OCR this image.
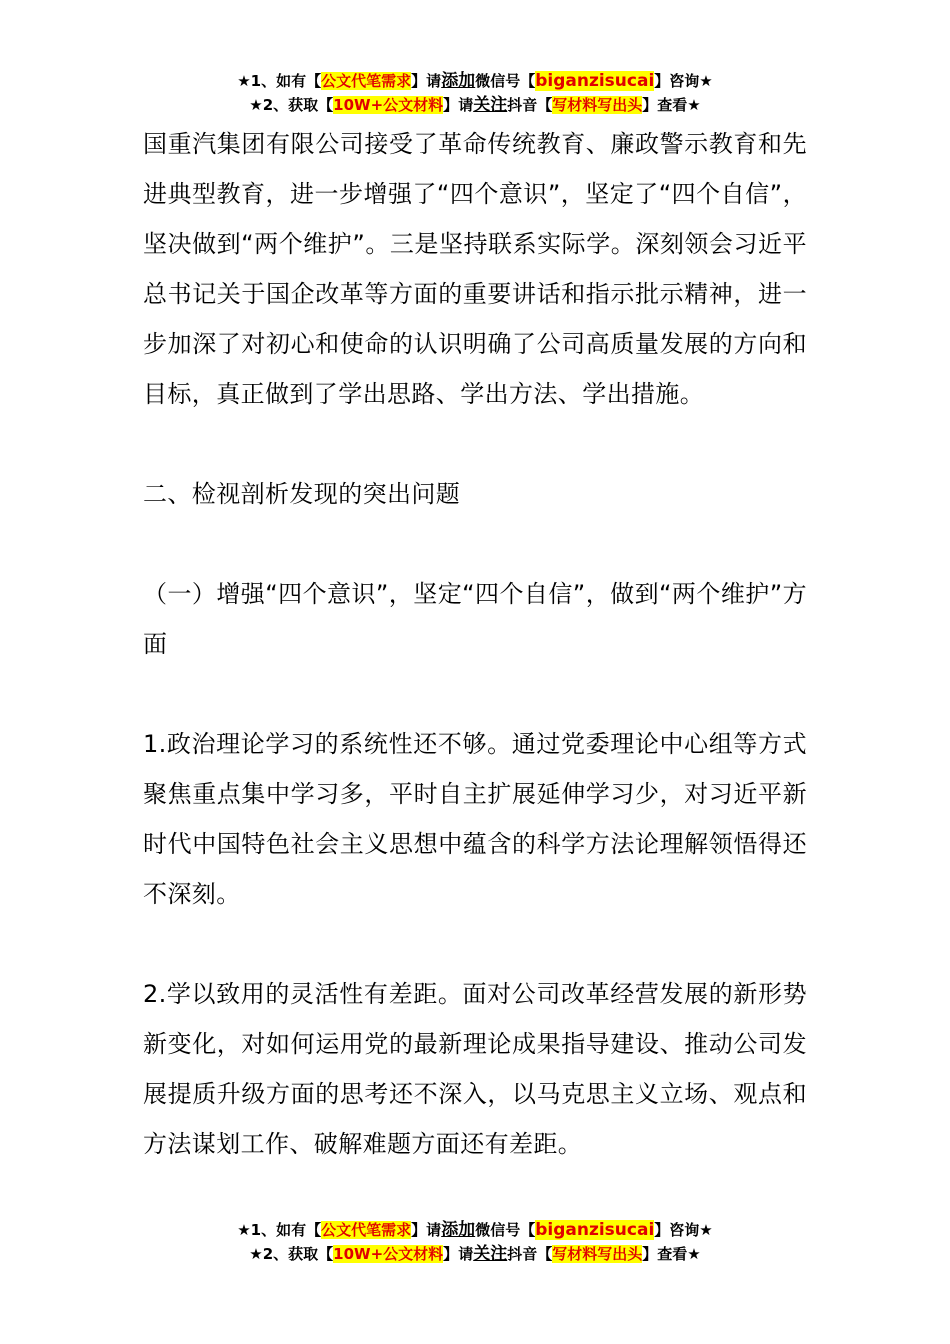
★1、如有【公文代笔需求】请添加微信号【biganzisucai】咨询★
★2、获取【10W+公文材料】请关注抖音【写材料写出头】查看★

国重汽集团有限公司接受了革命传统教育、廉政警示教育和先进典型教育，进一步增强了“四个意识”，坚定了“四个自信”，坚决做到“两个维护”。三是坚持联系实际学。深刻领会习近平总书记关于国企改革等方面的重要讲话和指示批示精神，进一步加深了对初心和使命的认识明确了公司高质量发展的方向和目标，真正做到了学出思路、学出方法、学出措施。

二、检视剖析发现的突出问题

（一）增强“四个意识”，坚定“四个自信”，做到“两个维护”方面

1.政治理论学习的系统性还不够。通过党委理论中心组等方式聚焦重点集中学习多，平时自主扩展延伸学习少，对习近平新时代中国特色社会主义思想中蕴含的科学方法论理解领悟得还不深刻。

2.学以致用的灵活性有差距。面对公司改革经营发展的新形势新变化，对如何运用党的最新理论成果指导建设、推动公司发展提质升级方面的思考还不深入，以马克思主义立场、观点和方法谋划工作、破解难题方面还有差距。

★1、如有【公文代笔需求】请添加微信号【biganzisucai】咨询★
★2、获取【10W+公文材料】请关注抖音【写材料写出头】查看★
